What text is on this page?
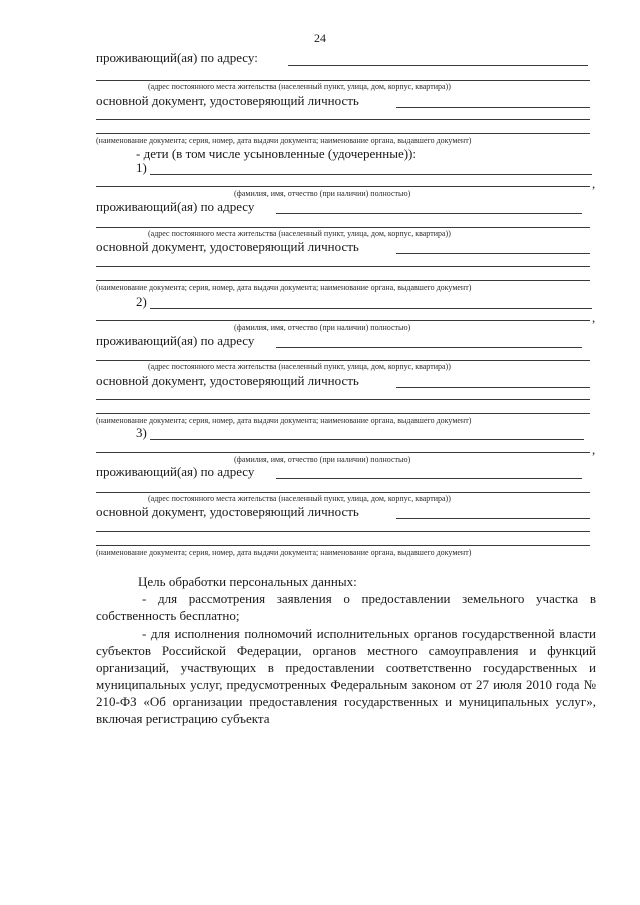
24
проживающий(ая) по адресу:
(адрес постоянного места жительства (населенный пункт, улица, дом, корпус, квартира))
основной документ, удостоверяющий личность
(наименование документа; серия, номер, дата выдачи документа; наименование органа, выдавшего документ)
- дети (в том числе усыновленные (удочеренные)):
1)
,
(фамилия, имя, отчество (при наличии) полностью)
проживающий(ая) по адресу
(адрес постоянного места жительства (населенный пункт, улица, дом, корпус, квартира))
основной документ, удостоверяющий личность
(наименование документа; серия, номер, дата выдачи документа; наименование органа, выдавшего документ)
2)
,
(фамилия, имя, отчество (при наличии) полностью)
проживающий(ая) по адресу
(адрес постоянного места жительства (населенный пункт, улица, дом, корпус, квартира))
основной документ, удостоверяющий личность
(наименование документа; серия, номер, дата выдачи документа; наименование органа, выдавшего документ)
3)
,
(фамилия, имя, отчество (при наличии) полностью)
проживающий(ая) по адресу
(адрес постоянного места жительства (населенный пункт, улица, дом, корпус, квартира))
основной документ, удостоверяющий личность
(наименование документа; серия, номер, дата выдачи документа; наименование органа, выдавшего документ)
Цель обработки персональных данных:

- для рассмотрения заявления о предоставлении земельного участка в собственность бесплатно;

- для исполнения полномочий исполнительных органов государственной власти субъектов Российской Федерации, органов местного самоуправления и функций организаций, участвующих в предоставлении соответственно государственных и муниципальных услуг, предусмотренных Федеральным законом от 27 июля 2010 года № 210-ФЗ «Об организации предоставления государственных и муниципальных услуг», включая регистрацию субъекта
